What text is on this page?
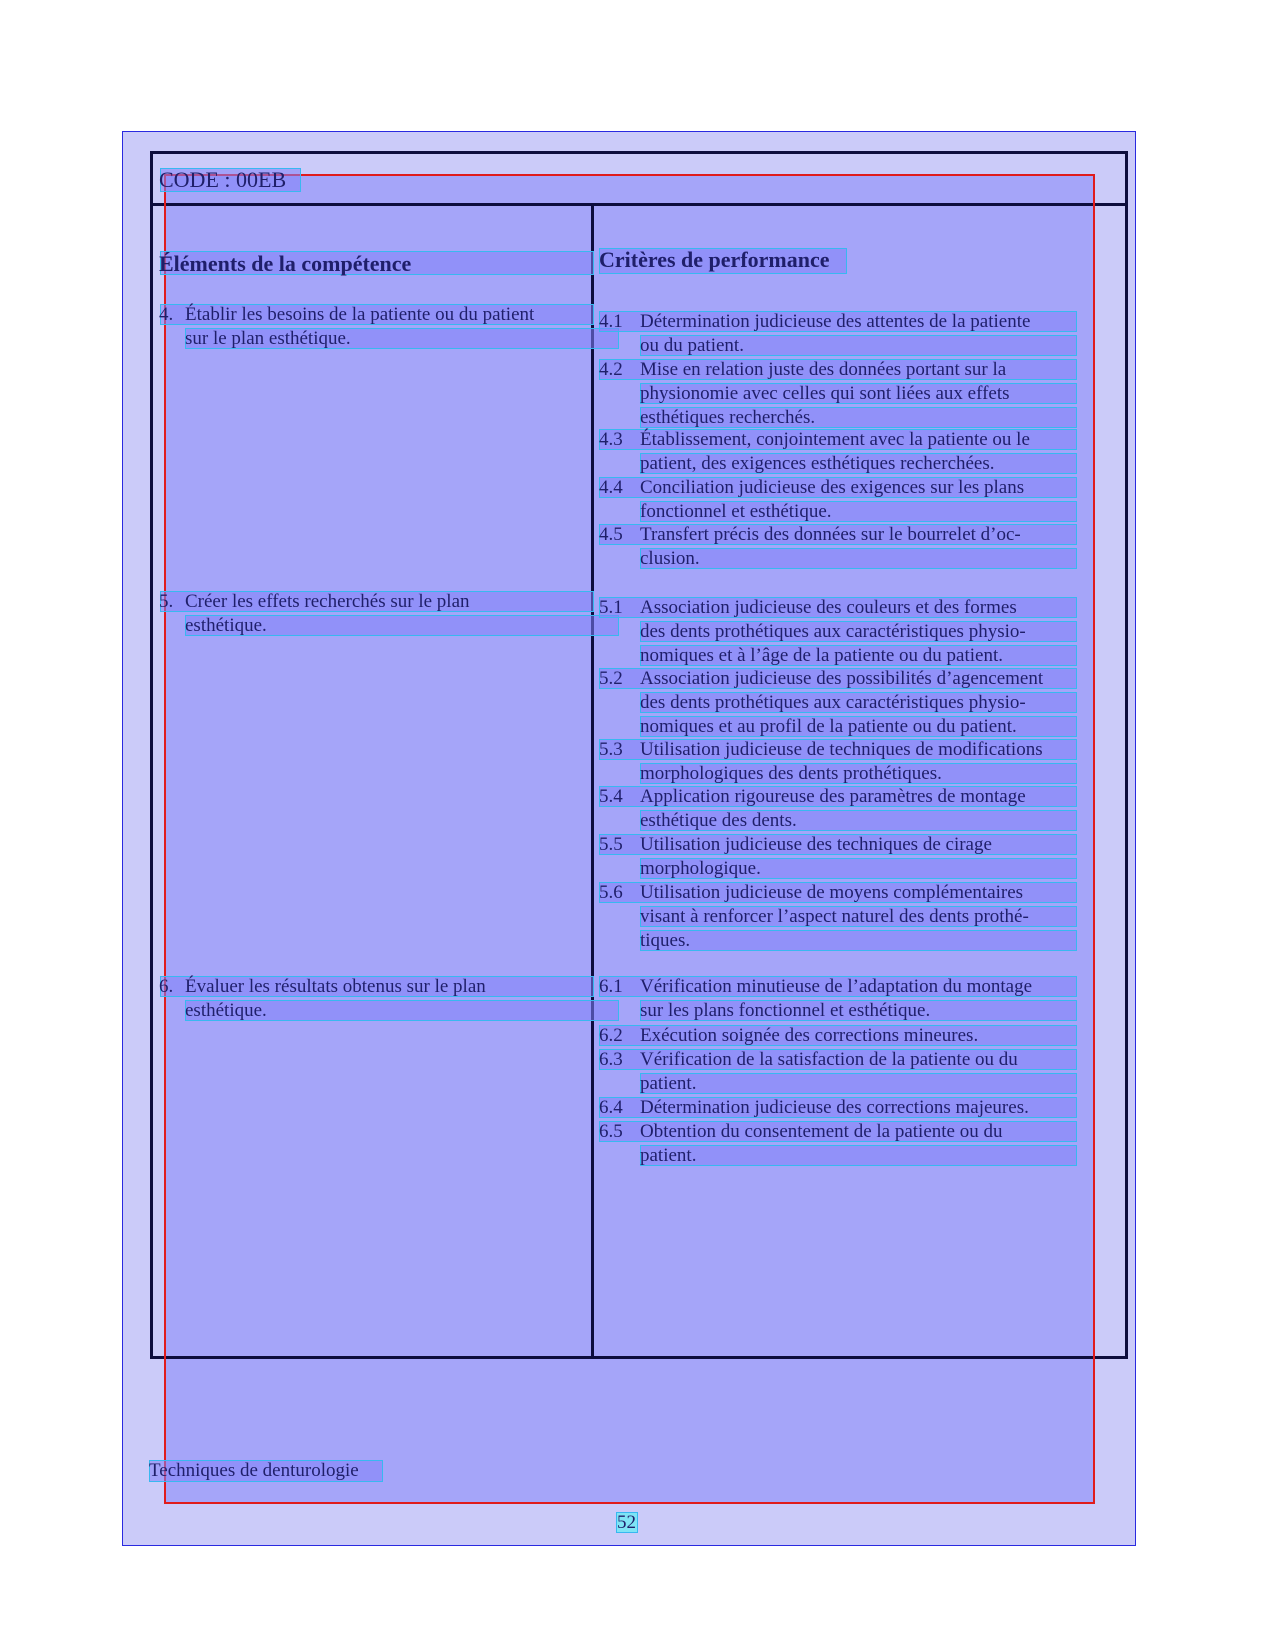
CODE : 00EB
Éléments de la compétence	Critères de performance
4. Établir les besoins de la patiente ou du patient
sur le plan esthétique.
5. Créer les effets recherchés sur le plan
esthétique.
6. Évaluer les résultats obtenus sur le plan
esthétique.
4.1 Détermination judicieuse des attentes de la patiente
ou du patient.
4.2 Mise en relation juste des données portant sur la
physionomie avec celles qui sont liées aux effets
esthétiques recherchés.
4.3 Établissement, conjointement avec la patiente ou le
patient, des exigences esthétiques recherchées.
4.4 Conciliation judicieuse des exigences sur les plans
fonctionnel et esthétique.
4.5 Transfert précis des données sur le bourrelet d’oc-
clusion.
5.1 Association judicieuse des couleurs et des formes
des dents prothétiques aux caractéristiques physio-
nomiques et à l’âge de la patiente ou du patient.
5.2 Association judicieuse des possibilités d’agencement
des dents prothétiques aux caractéristiques physio-
nomiques et au profil de la patiente ou du patient.
5.3 Utilisation judicieuse de techniques de modifications
morphologiques des dents prothétiques.
5.4 Application rigoureuse des paramètres de montage
esthétique des dents.
5.5 Utilisation judicieuse des techniques de cirage
morphologique.
5.6 Utilisation judicieuse de moyens complémentaires
visant à renforcer l’aspect naturel des dents prothé-
tiques.
6.1 Vérification minutieuse de l’adaptation du montage
sur les plans fonctionnel et esthétique.
6.2 Exécution soignée des corrections mineures.
6.3 Vérification de la satisfaction de la patiente ou du
patient.
6.4 Détermination judicieuse des corrections majeures.
6.5 Obtention du consentement de la patiente ou du
patient.
Techniques de denturologie
52
